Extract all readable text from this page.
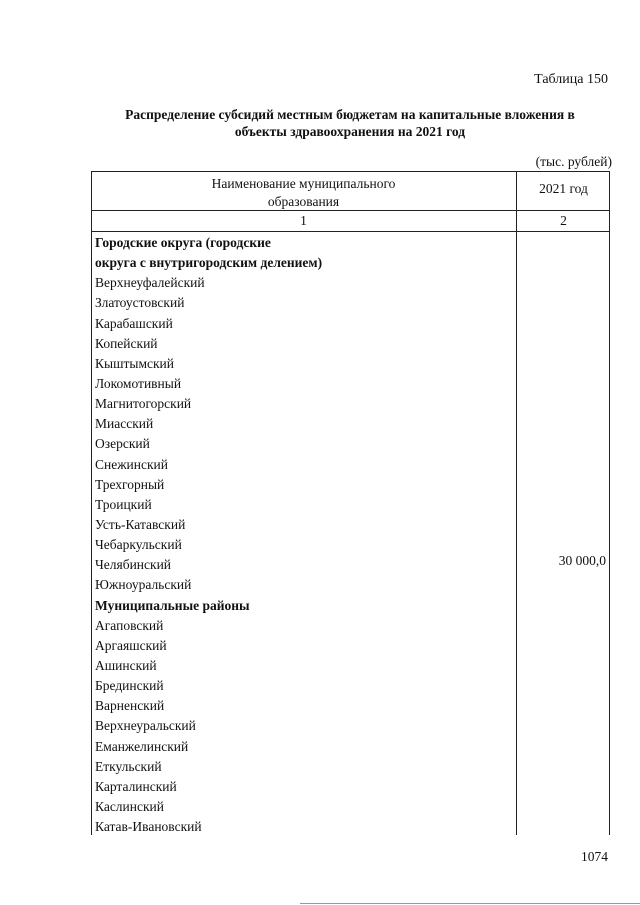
Таблица 150
Распределение субсидий местным бюджетам на капитальные вложения в
объекты здравоохранения на 2021 год
(тыс. рублей)
Наименование муниципального
образования
2021 год
1	2
Городские округа (городские
округа с внутригородским делением)
Верхнеуфалейский
Златоустовский
Карабашский
Копейский
Кыштымский
Локомотивный
Магнитогорский
Миасский
Озерский
Снежинский
Трехгорный
Троицкий
Усть-Катавский
Чебаркульский
Челябинский
Южноуральский
Муниципальные районы
Агаповский
Аргаяшский
Ашинский
Брединский
Варненский
Верхнеуральский
Еманжелинский
Еткульский
Карталинский
Каслинский
Катав-Ивановский
30 000,0
1074
